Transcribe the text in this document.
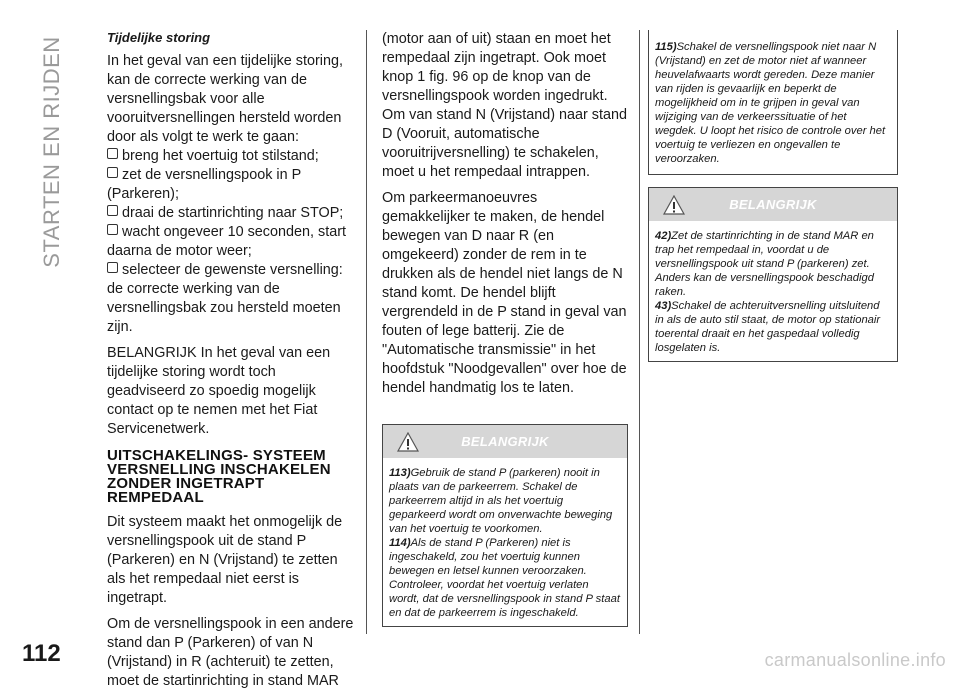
STARTEN EN RIJDEN
112
Tijdelijke storing

In het geval van een tijdelijke storing, kan de correcte werking van de versnellingsbak voor alle vooruitversnellingen hersteld worden door als volgt te werk te gaan:

breng het voertuig tot stilstand;
zet de versnellingspook in P (Parkeren);
draai de startinrichting naar STOP;
wacht ongeveer 10 seconden, start daarna de motor weer;
selecteer de gewenste versnelling: de correcte werking van de versnellingsbak zou hersteld moeten zijn.

BELANGRIJK In het geval van een tijdelijke storing wordt toch geadviseerd zo spoedig mogelijk contact op te nemen met het Fiat Servicenetwerk.

UITSCHAKELINGS- SYSTEEM VERSNELLING INSCHAKELEN ZONDER INGETRAPT REMPEDAAL

Dit systeem maakt het onmogelijk de versnellingspook uit de stand P (Parkeren) en N (Vrijstand) te zetten als het rempedaal niet eerst is ingetrapt.

Om de versnellingspook in een andere stand dan P (Parkeren) of van N (Vrijstand) in R (achteruit) te zetten, moet de startinrichting in stand MAR

(motor aan of uit) staan en moet het rempedaal zijn ingetrapt. Ook moet knop 1 fig. 96 op de knop van de versnellingspook worden ingedrukt. Om van stand N (Vrijstand) naar stand D (Vooruit, automatische vooruitrijversnelling) te schakelen, moet u het rempedaal intrappen.

Om parkeermanoeuvres gemakkelijker te maken, de hendel bewegen van D naar R (en omgekeerd) zonder de rem in te drukken als de hendel niet langs de N stand komt. De hendel blijft vergrendeld in de P stand in geval van fouten of lege batterij. Zie de "Automatische transmissie" in het hoofdstuk "Noodgevallen" over hoe de hendel handmatig los te laten.

BELANGRIJK

113)Gebruik de stand P (parkeren) nooit in plaats van de parkeerrem. Schakel de parkeerrem altijd in als het voertuig geparkeerd wordt om onverwachte beweging van het voertuig te voorkomen.

114)Als de stand P (Parkeren) niet is ingeschakeld, zou het voertuig kunnen bewegen en letsel kunnen veroorzaken. Controleer, voordat het voertuig verlaten wordt, dat de versnellingspook in stand P staat en dat de parkeerrem is ingeschakeld.

115)Schakel de versnellingspook niet naar N (Vrijstand) en zet de motor niet af wanneer heuvelafwaarts wordt gereden. Deze manier van rijden is gevaarlijk en beperkt de mogelijkheid om in te grijpen in geval van wijziging van de verkeerssituatie of het wegdek. U loopt het risico de controle over het voertuig te verliezen en ongevallen te veroorzaken.

BELANGRIJK

42)Zet de startinrichting in de stand MAR en trap het rempedaal in, voordat u de versnellingspook uit stand P (parkeren) zet. Anders kan de versnellingspook beschadigd raken.

43)Schakel de achteruitversnelling uitsluitend in als de auto stil staat, de motor op stationair toerental draait en het gaspedaal volledig losgelaten is.

carmanualsonline.info
